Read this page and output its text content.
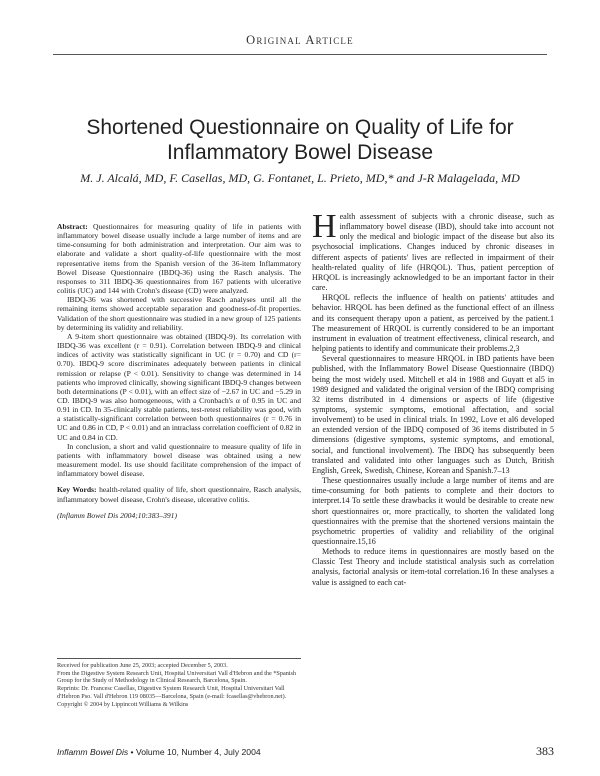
Original Article
Shortened Questionnaire on Quality of Life for Inflammatory Bowel Disease
M. J. Alcalá, MD, F. Casellas, MD, G. Fontanet, L. Prieto, MD,* and J-R Malagelada, MD

Abstract: Questionnaires for measuring quality of life in patients with inflammatory bowel disease usually include a large number of items and are time-consuming for both administration and interpretation. Our aim was to elaborate and validate a short quality-of-life questionnaire with the most representative items from the Spanish version of the 36-item Inflammatory Bowel Disease Questionnaire (IBDQ-36) using the Rasch analysis. The responses to 311 IBDQ-36 questionnaires from 167 patients with ulcerative colitis (UC) and 144 with Crohn's disease (CD) were analyzed.

IBDQ-36 was shortened with successive Rasch analyses until all the remaining items showed acceptable separation and goodness-of-fit properties. Validation of the short questionnaire was studied in a new group of 125 patients by determining its validity and reliability.

A 9-item short questionnaire was obtained (IBDQ-9). Its correlation with IBDQ-36 was excellent (r = 0.91). Correlation between IBDQ-9 and clinical indices of activity was statistically significant in UC (r = 0.70) and CD (r= 0.70). IBDQ-9 score discriminates adequately between patients in clinical remission or relapse (P < 0.01). Sensitivity to change was determined in 14 patients who improved clinically, showing significant IBDQ-9 changes between both determinations (P < 0.01), with an effect size of −2.67 in UC and −5.29 in CD. IBDQ-9 was also homogeneous, with a Cronbach's α of 0.95 in UC and 0.91 in CD. In 35-clinically stable patients, test-retest reliability was good, with a statistically-significant correlation between both questionnaires (r = 0.76 in UC and 0.86 in CD, P < 0.01) and an intraclass correlation coefficient of 0.82 in UC and 0.84 in CD.

In conclusion, a short and valid questionnaire to measure quality of life in patients with inflammatory bowel disease was obtained using a new measurement model. Its use should facilitate comprehension of the impact of inflammatory bowel disease.

Key Words: health-related quality of life, short questionnaire, Rasch analysis, inflammatory bowel disease, Crohn's disease, ulcerative colitis.

(Inflamm Bowel Dis 2004;10:383–391)

Received for publication June 25, 2003; accepted December 5, 2003.

From the Digestive System Research Unit, Hospital Universitari Vall d'Hebron and the *Spanish Group for the Study of Methodology in Clinical Research, Barcelona, Spain.

Reprints: Dr. Francesc Casellas, Digestive System Research Unit, Hospital Universitari Vall d'Hebron Pso. Vall d'Hebron 119 08035—Barcelona, Spain (e-mail: fcasellas@vhebron.net).

Copyright © 2004 by Lippincott Williams & Wilkins

Health assessment of subjects with a chronic disease, such as inflammatory bowel disease (IBD), should take into account not only the medical and biologic impact of the disease but also its psychosocial implications. Changes induced by chronic diseases in different aspects of patients' lives are reflected in impairment of their health-related quality of life (HRQOL). Thus, patient perception of HRQOL is increasingly acknowledged to be an important factor in their care.

HRQOL reflects the influence of health on patients' attitudes and behavior. HRQOL has been defined as the functional effect of an illness and its consequent therapy upon a patient, as perceived by the patient.1 The measurement of HRQOL is currently considered to be an important instrument in evaluation of treatment effectiveness, clinical research, and helping patients to identify and communicate their problems.2,3

Several questionnaires to measure HRQOL in IBD patients have been published, with the Inflammatory Bowel Disease Questionnaire (IBDQ) being the most widely used. Mitchell et al4 in 1988 and Guyatt et al5 in 1989 designed and validated the original version of the IBDQ comprising 32 items distributed in 4 dimensions or aspects of life (digestive symptoms, systemic symptoms, emotional affectation, and social involvement) to be used in clinical trials. In 1992, Love et al6 developed an extended version of the IBDQ composed of 36 items distributed in 5 dimensions (digestive symptoms, systemic symptoms, and emotional, social, and functional involvement). The IBDQ has subsequently been translated and validated into other languages such as Dutch, British English, Greek, Swedish, Chinese, Korean and Spanish.7–13

These questionnaires usually include a large number of items and are time-consuming for both patients to complete and their doctors to interpret.14 To settle these drawbacks it would be desirable to create new short questionnaires or, more practically, to shorten the validated long questionnaires with the premise that the shortened versions maintain the psychometric properties of validity and reliability of the original questionnaire.15,16

Methods to reduce items in questionnaires are mostly based on the Classic Test Theory and include statistical analysis such as correlation analysis, factorial analysis or item-total correlation.16 In these analyses a value is assigned to each cat-

Inflamm Bowel Dis • Volume 10, Number 4, July 2004	383
